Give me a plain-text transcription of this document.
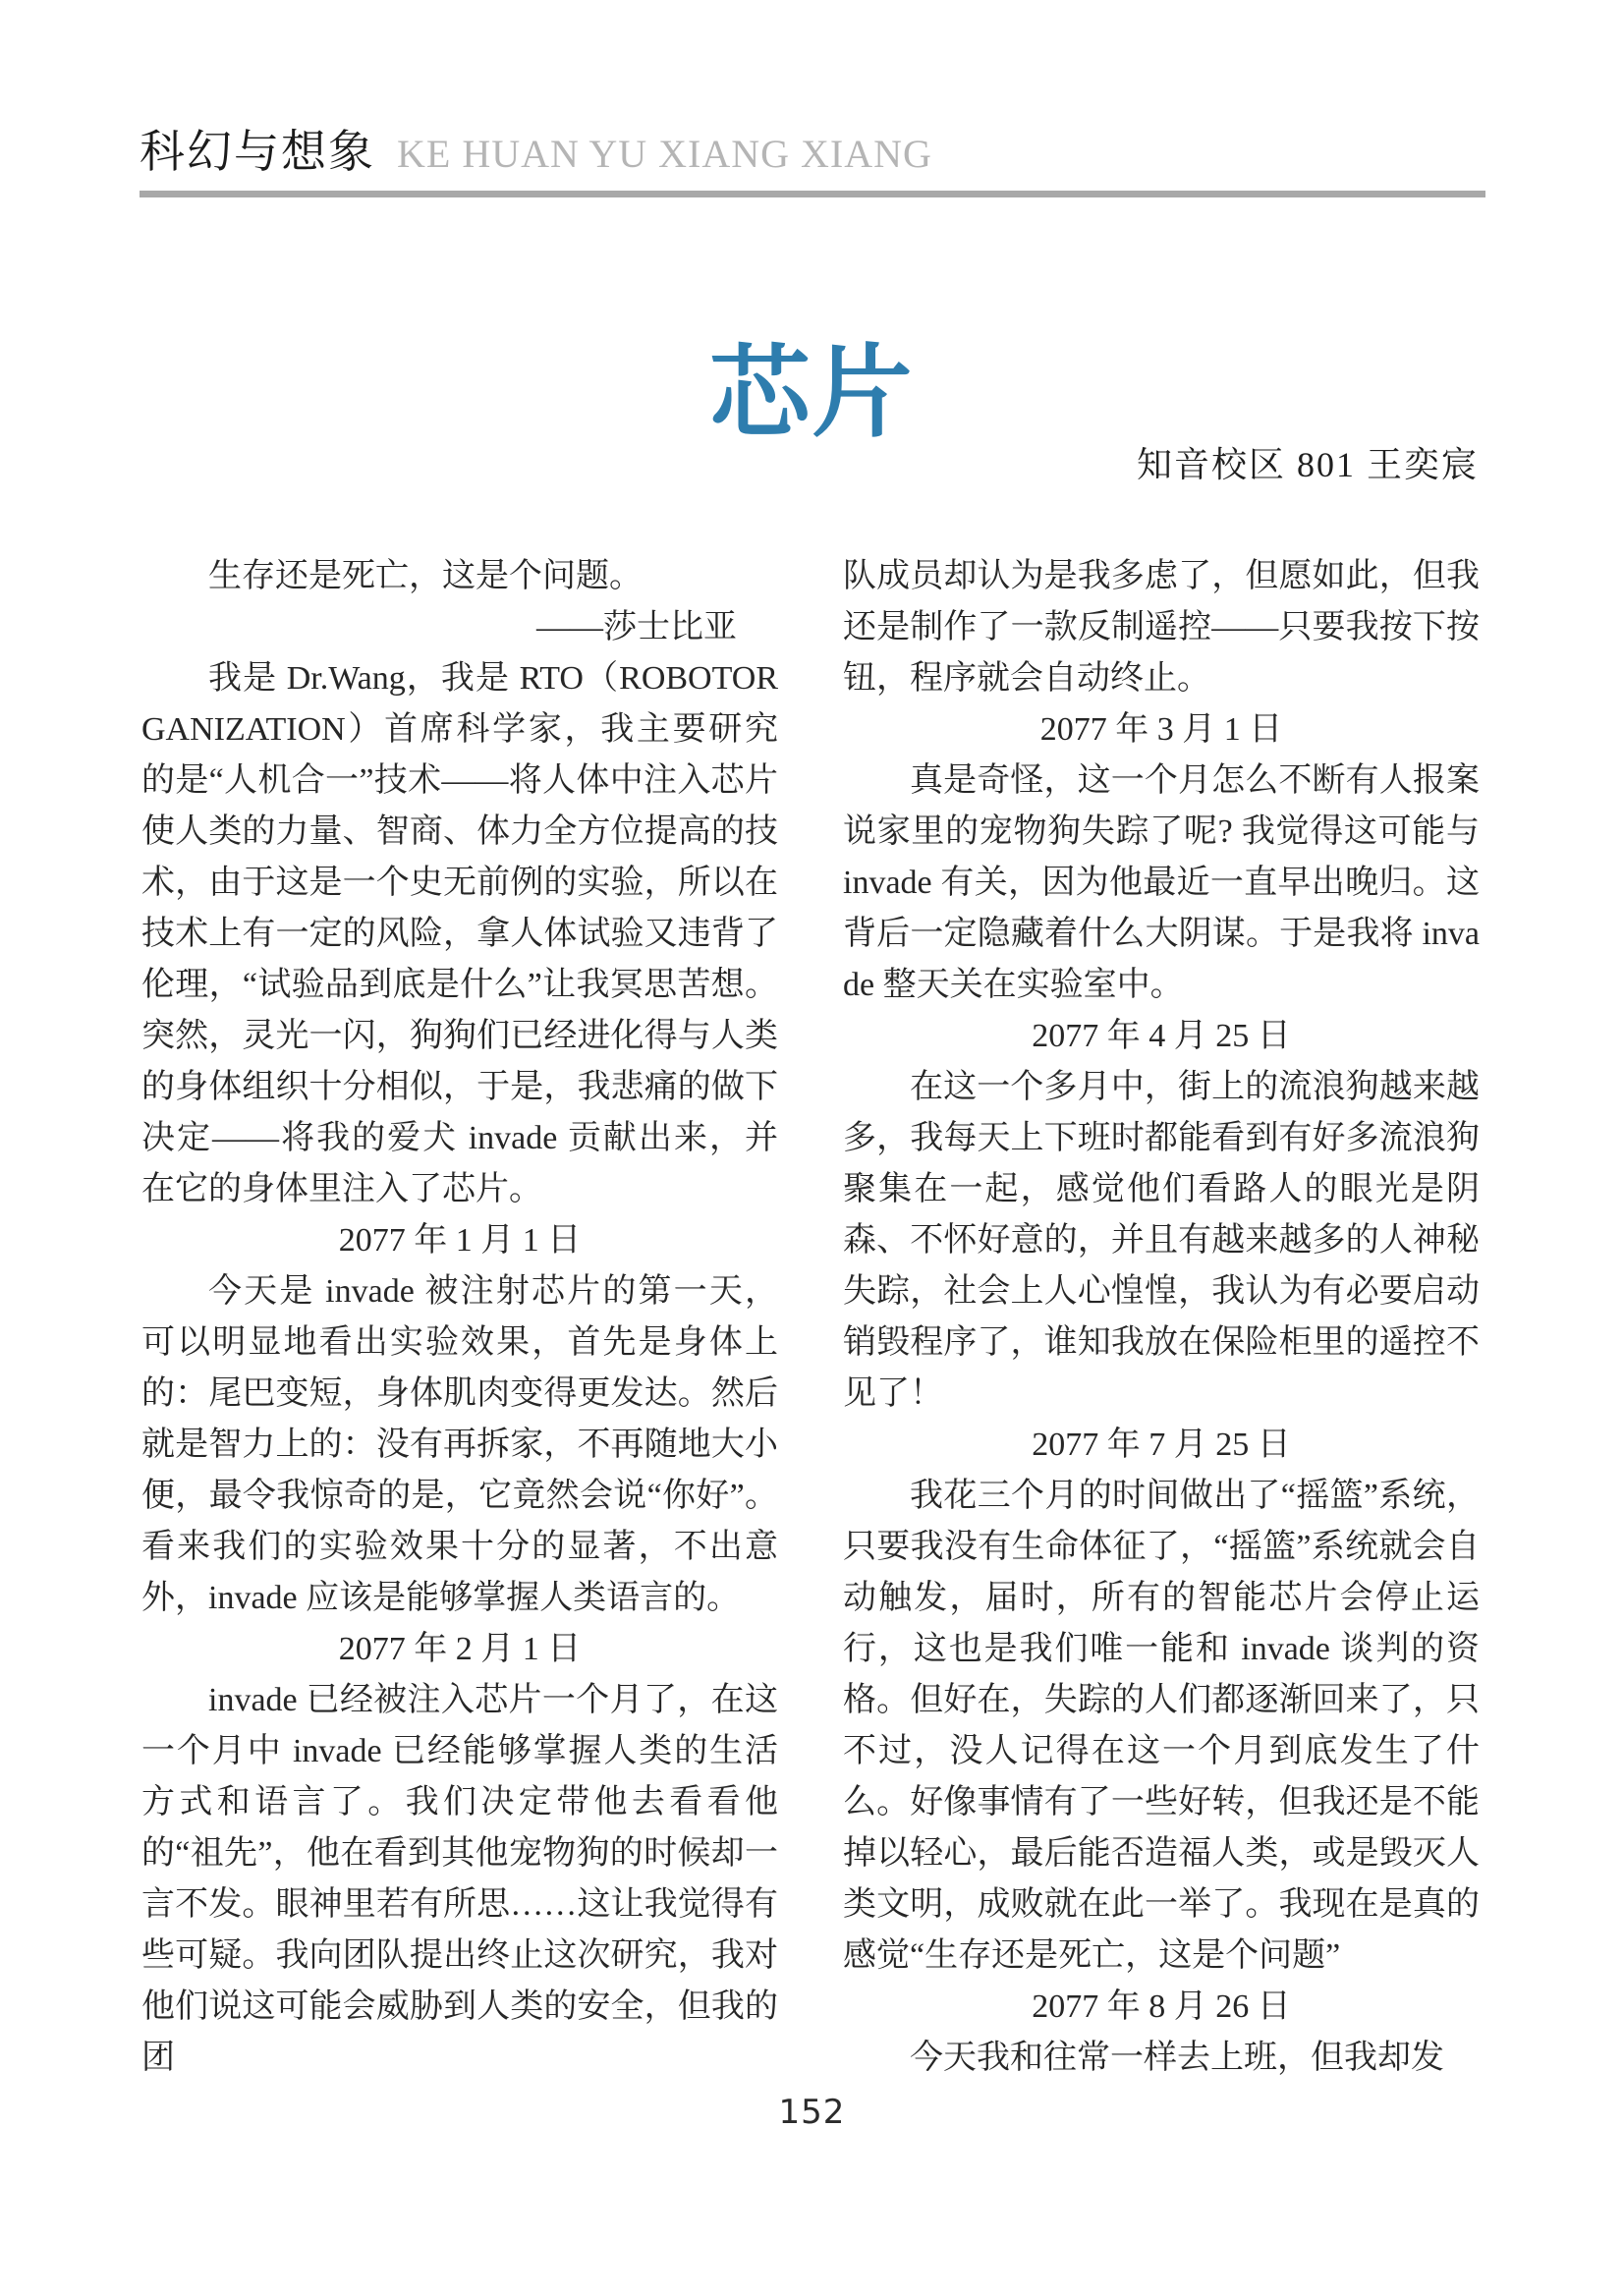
科幻与想象 KE HUAN YU XIANG XIANG
芯片
知音校区 801 王奕宸

生存还是死亡，这是个问题。

——莎士比亚

我是 Dr.Wang，我是 RTO（ROBOTORGANIZATION）首席科学家，我主要研究的是“人机合一”技术——将人体中注入芯片使人类的力量、智商、体力全方位提高的技术，由于这是一个史无前例的实验，所以在技术上有一定的风险，拿人体试验又违背了伦理，“试验品到底是什么”让我冥思苦想。突然，灵光一闪，狗狗们已经进化得与人类的身体组织十分相似，于是，我悲痛的做下决定——将我的爱犬 invade 贡献出来，并在它的身体里注入了芯片。

2077 年 1 月 1 日

今天是 invade 被注射芯片的第一天，可以明显地看出实验效果，首先是身体上的：尾巴变短，身体肌肉变得更发达。然后就是智力上的：没有再拆家，不再随地大小便，最令我惊奇的是，它竟然会说“你好”。看来我们的实验效果十分的显著，不出意外，invade 应该是能够掌握人类语言的。

2077 年 2 月 1 日

invade 已经被注入芯片一个月了，在这一个月中 invade 已经能够掌握人类的生活方式和语言了。我们决定带他去看看他的“祖先”，他在看到其他宠物狗的时候却一言不发。眼神里若有所思……这让我觉得有些可疑。我向团队提出终止这次研究，我对他们说这可能会威胁到人类的安全，但我的团

队成员却认为是我多虑了，但愿如此，但我还是制作了一款反制遥控——只要我按下按钮，程序就会自动终止。

2077 年 3 月 1 日

真是奇怪，这一个月怎么不断有人报案说家里的宠物狗失踪了呢? 我觉得这可能与 invade 有关，因为他最近一直早出晚归。这背后一定隐藏着什么大阴谋。于是我将 invade 整天关在实验室中。

2077 年 4 月 25 日

在这一个多月中，街上的流浪狗越来越多，我每天上下班时都能看到有好多流浪狗聚集在一起，感觉他们看路人的眼光是阴森、不怀好意的，并且有越来越多的人神秘失踪，社会上人心惶惶，我认为有必要启动销毁程序了，谁知我放在保险柜里的遥控不见了！

2077 年 7 月 25 日

我花三个月的时间做出了“摇篮”系统，只要我没有生命体征了，“摇篮”系统就会自动触发，届时，所有的智能芯片会停止运行，这也是我们唯一能和 invade 谈判的资格。但好在，失踪的人们都逐渐回来了，只不过，没人记得在这一个月到底发生了什么。好像事情有了一些好转，但我还是不能掉以轻心，最后能否造福人类，或是毁灭人类文明，成败就在此一举了。我现在是真的感觉“生存还是死亡，这是个问题”

2077 年 8 月 26 日

今天我和往常一样去上班，但我却发

152
